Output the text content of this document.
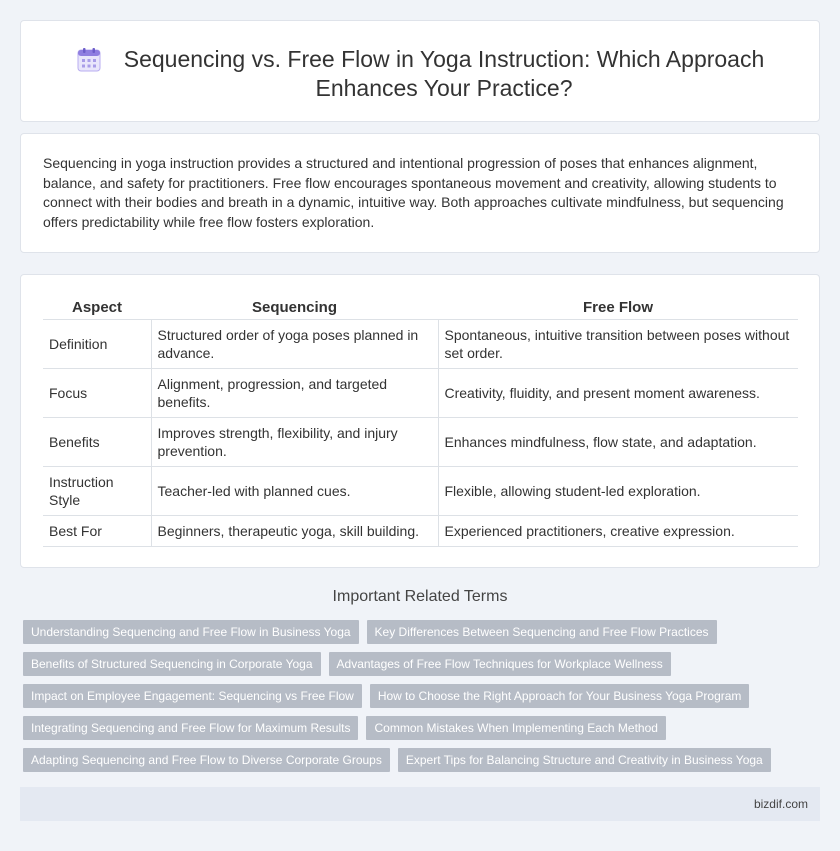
Sequencing vs. Free Flow in Yoga Instruction: Which Approach
Enhances Your Practice?

Sequencing in yoga instruction provides a structured and intentional progression of poses that enhances alignment, balance, and safety for practitioners. Free flow encourages spontaneous movement and creativity, allowing students to connect with their bodies and breath in a dynamic, intuitive way. Both approaches cultivate mindfulness, but sequencing offers predictability while free flow fosters exploration.

Aspect	Sequencing	Free Flow
Definition	Structured order of yoga poses planned in advance.	Spontaneous, intuitive transition between poses without set order.
Focus	Alignment, progression, and targeted benefits.	Creativity, fluidity, and present moment awareness.
Benefits	Improves strength, flexibility, and injury prevention.	Enhances mindfulness, flow state, and adaptation.
Instruction Style	Teacher-led with planned cues.	Flexible, allowing student-led exploration.
Best For	Beginners, therapeutic yoga, skill building.	Experienced practitioners, creative expression.
Important Related Terms
Understanding Sequencing and Free Flow in Business Yoga	Key Differences Between Sequencing and Free Flow Practices
Benefits of Structured Sequencing in Corporate Yoga	Advantages of Free Flow Techniques for Workplace Wellness
Impact on Employee Engagement: Sequencing vs Free Flow	How to Choose the Right Approach for Your Business Yoga Program
Integrating Sequencing and Free Flow for Maximum Results	Common Mistakes When Implementing Each Method
Adapting Sequencing and Free Flow to Diverse Corporate Groups	Expert Tips for Balancing Structure and Creativity in Business Yoga
bizdif.com
